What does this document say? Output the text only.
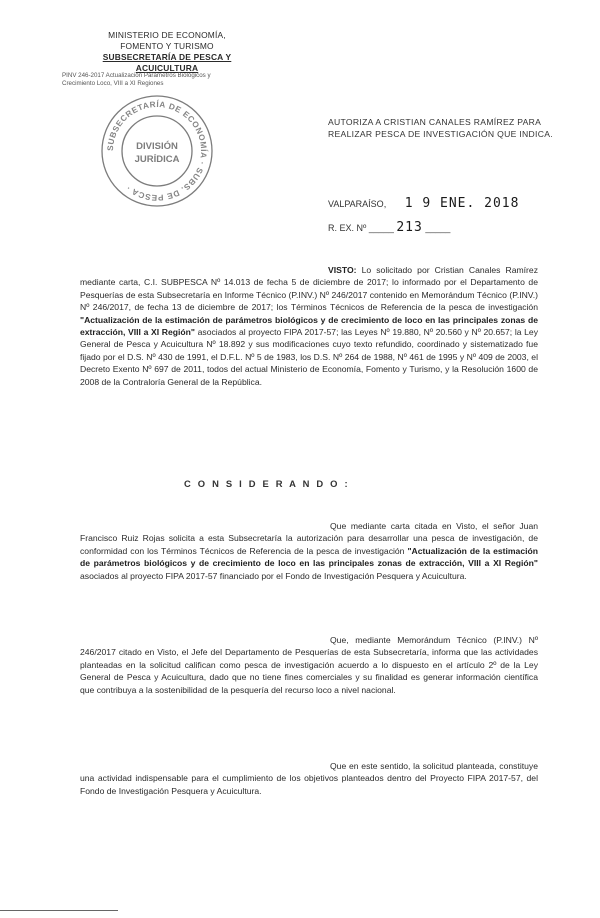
MINISTERIO DE ECONOMÍA,
FOMENTO Y TURISMO
SUBSECRETARÍA DE PESCA Y ACUICULTURA
PINV 246-2017 Actualización Parámetros Biológicos y
Crecimiento Loco, VIII a XI Regiones
SUBSECRETARÍA DE ECONOMÍA · SUBS. DE PESCA ·
DIVISIÓN
JURÍDICA
AUTORIZA A CRISTIAN CANALES RAMÍREZ PARA
REALIZAR PESCA DE INVESTIGACIÓN QUE INDICA.
VALPARAÍSO, 1 9 ENE. 2018
R. EX. Nº _____ 213 _____
VISTO: Lo solicitado por Cristian Canales Ramírez mediante carta, C.I. SUBPESCA Nº 14.013 de fecha 5 de diciembre de 2017; lo informado por el Departamento de Pesquerías de esta Subsecretaría en Informe Técnico (P.INV.) Nº 246/2017 contenido en Memorándum Técnico (P.INV.) Nº 246/2017, de fecha 13 de diciembre de 2017; los Términos Técnicos de Referencia de la pesca de investigación "Actualización de la estimación de parámetros biológicos y de crecimiento de loco en las principales zonas de extracción, VIII a XI Región" asociados al proyecto FIPA 2017-57; las Leyes Nº 19.880, Nº 20.560 y Nº 20.657; la Ley General de Pesca y Acuicultura Nº 18.892 y sus modificaciones cuyo texto refundido, coordinado y sistematizado fue fijado por el D.S. Nº 430 de 1991, el D.F.L. Nº 5 de 1983, los D.S. Nº 264 de 1988, Nº 461 de 1995 y Nº 409 de 2003, el Decreto Exento Nº 697 de 2011, todos del actual Ministerio de Economía, Fomento y Turismo, y la Resolución 1600 de 2008 de la Contraloría General de la República.
C O N S I D E R A N D O :
Que mediante carta citada en Visto, el señor Juan Francisco Ruiz Rojas solicita a esta Subsecretaría la autorización para desarrollar una pesca de investigación, de conformidad con los Términos Técnicos de Referencia de la pesca de investigación "Actualización de la estimación de parámetros biológicos y de crecimiento de loco en las principales zonas de extracción, VIII a XI Región" asociados al proyecto FIPA 2017-57 financiado por el Fondo de Investigación Pesquera y Acuicultura.
Que, mediante Memorándum Técnico (P.INV.) Nº 246/2017 citado en Visto, el Jefe del Departamento de Pesquerías de esta Subsecretaría, informa que las actividades planteadas en la solicitud califican como pesca de investigación acuerdo a lo dispuesto en el artículo 2º de la Ley General de Pesca y Acuicultura, dado que no tiene fines comerciales y su finalidad es generar información científica que contribuya a la sostenibilidad de la pesquería del recurso loco a nivel nacional.
Que en este sentido, la solicitud planteada, constituye una actividad indispensable para el cumplimiento de los objetivos planteados dentro del Proyecto FIPA 2017-57, del Fondo de Investigación Pesquera y Acuicultura.
